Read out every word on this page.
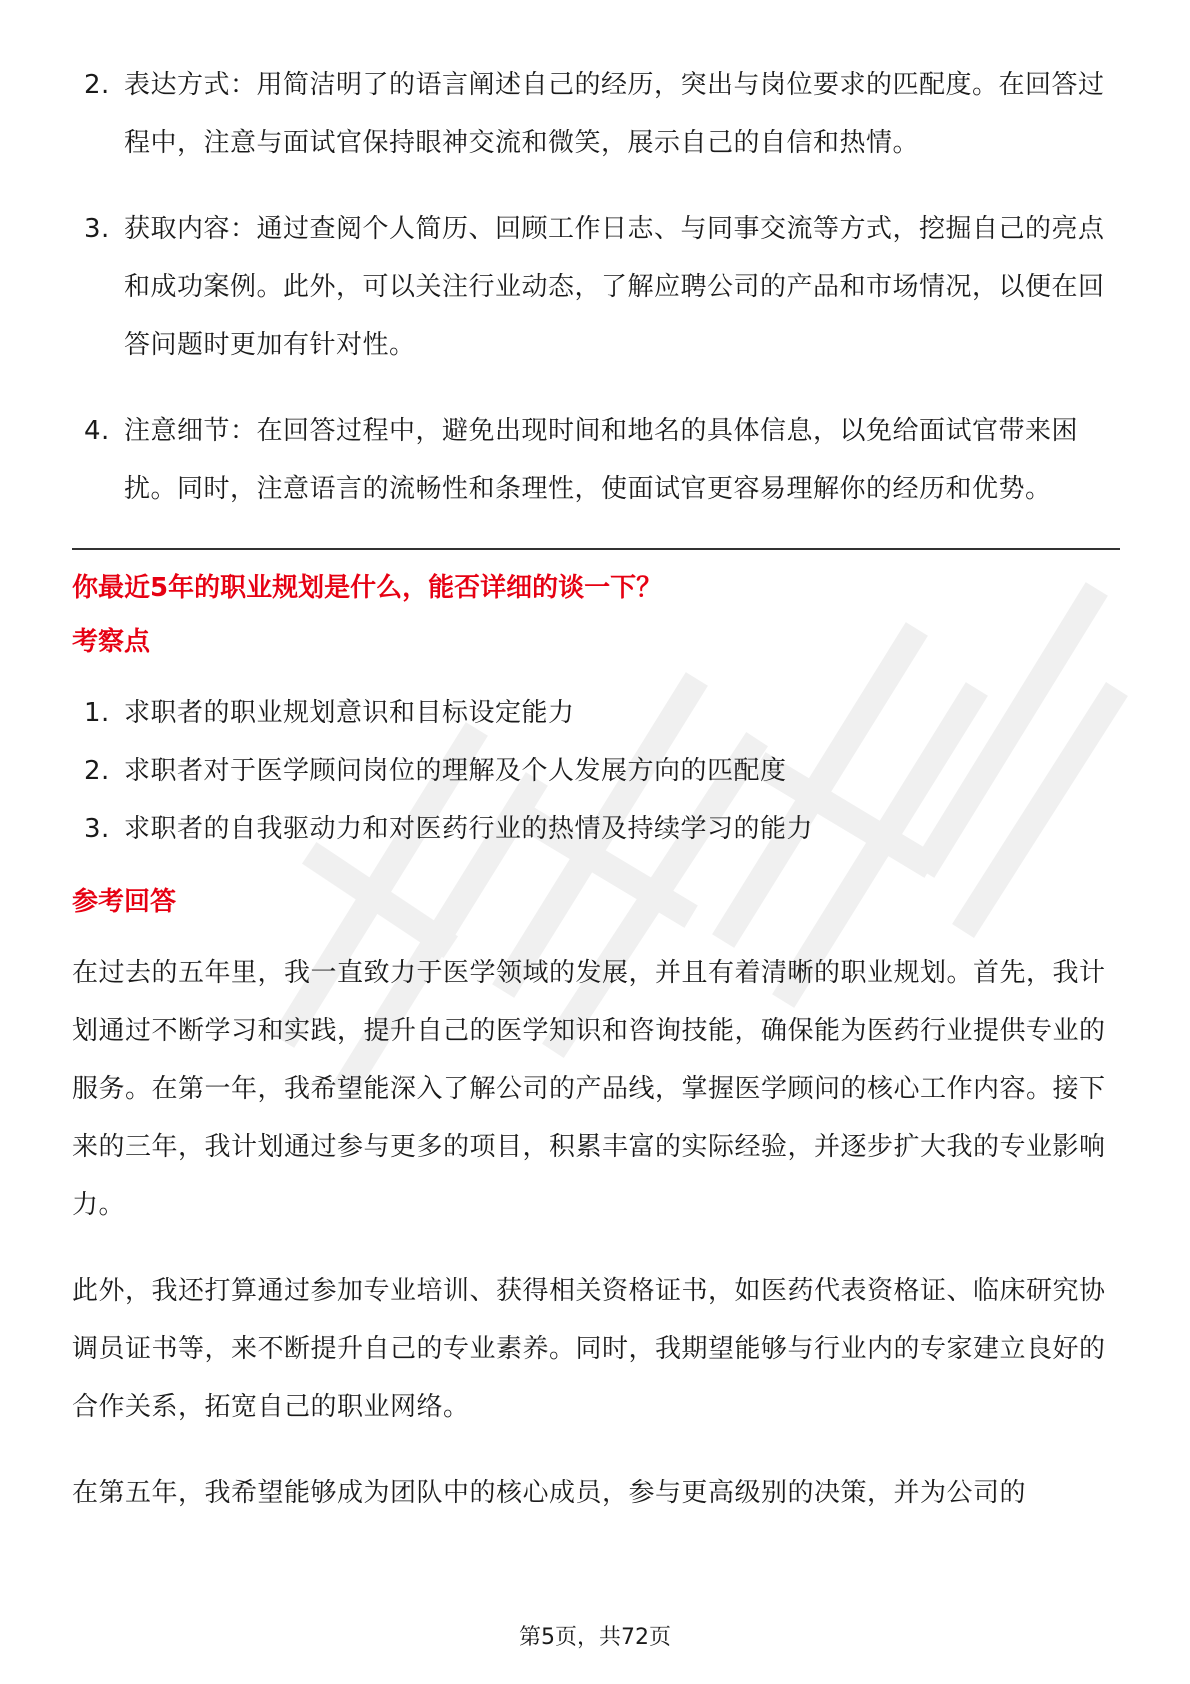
2. 表达方式：用简洁明了的语言阐述自己的经历，突出与岗位要求的匹配度。在回答过程中，注意与面试官保持眼神交流和微笑，展示自己的自信和热情。
3. 获取内容：通过查阅个人简历、回顾工作日志、与同事交流等方式，挖掘自己的亮点和成功案例。此外，可以关注行业动态，了解应聘公司的产品和市场情况，以便在回答问题时更加有针对性。
4. 注意细节：在回答过程中，避免出现时间和地名的具体信息，以免给面试官带来困扰。同时，注意语言的流畅性和条理性，使面试官更容易理解你的经历和优势。

你最近5年的职业规划是什么，能否详细的谈一下？

考察点

1. 求职者的职业规划意识和目标设定能力
2. 求职者对于医学顾问岗位的理解及个人发展方向的匹配度
3. 求职者的自我驱动力和对医药行业的热情及持续学习的能力

参考回答

在过去的五年里，我一直致力于医学领域的发展，并且有着清晰的职业规划。首先，我计划通过不断学习和实践，提升自己的医学知识和咨询技能，确保能为医药行业提供专业的服务。在第一年，我希望能深入了解公司的产品线，掌握医学顾问的核心工作内容。接下来的三年，我计划通过参与更多的项目，积累丰富的实际经验，并逐步扩大我的专业影响力。

此外，我还打算通过参加专业培训、获得相关资格证书，如医药代表资格证、临床研究协调员证书等，来不断提升自己的专业素养。同时，我期望能够与行业内的专家建立良好的合作关系，拓宽自己的职业网络。

在第五年，我希望能够成为团队中的核心成员，参与更高级别的决策，并为公司的

第5页，共72页
